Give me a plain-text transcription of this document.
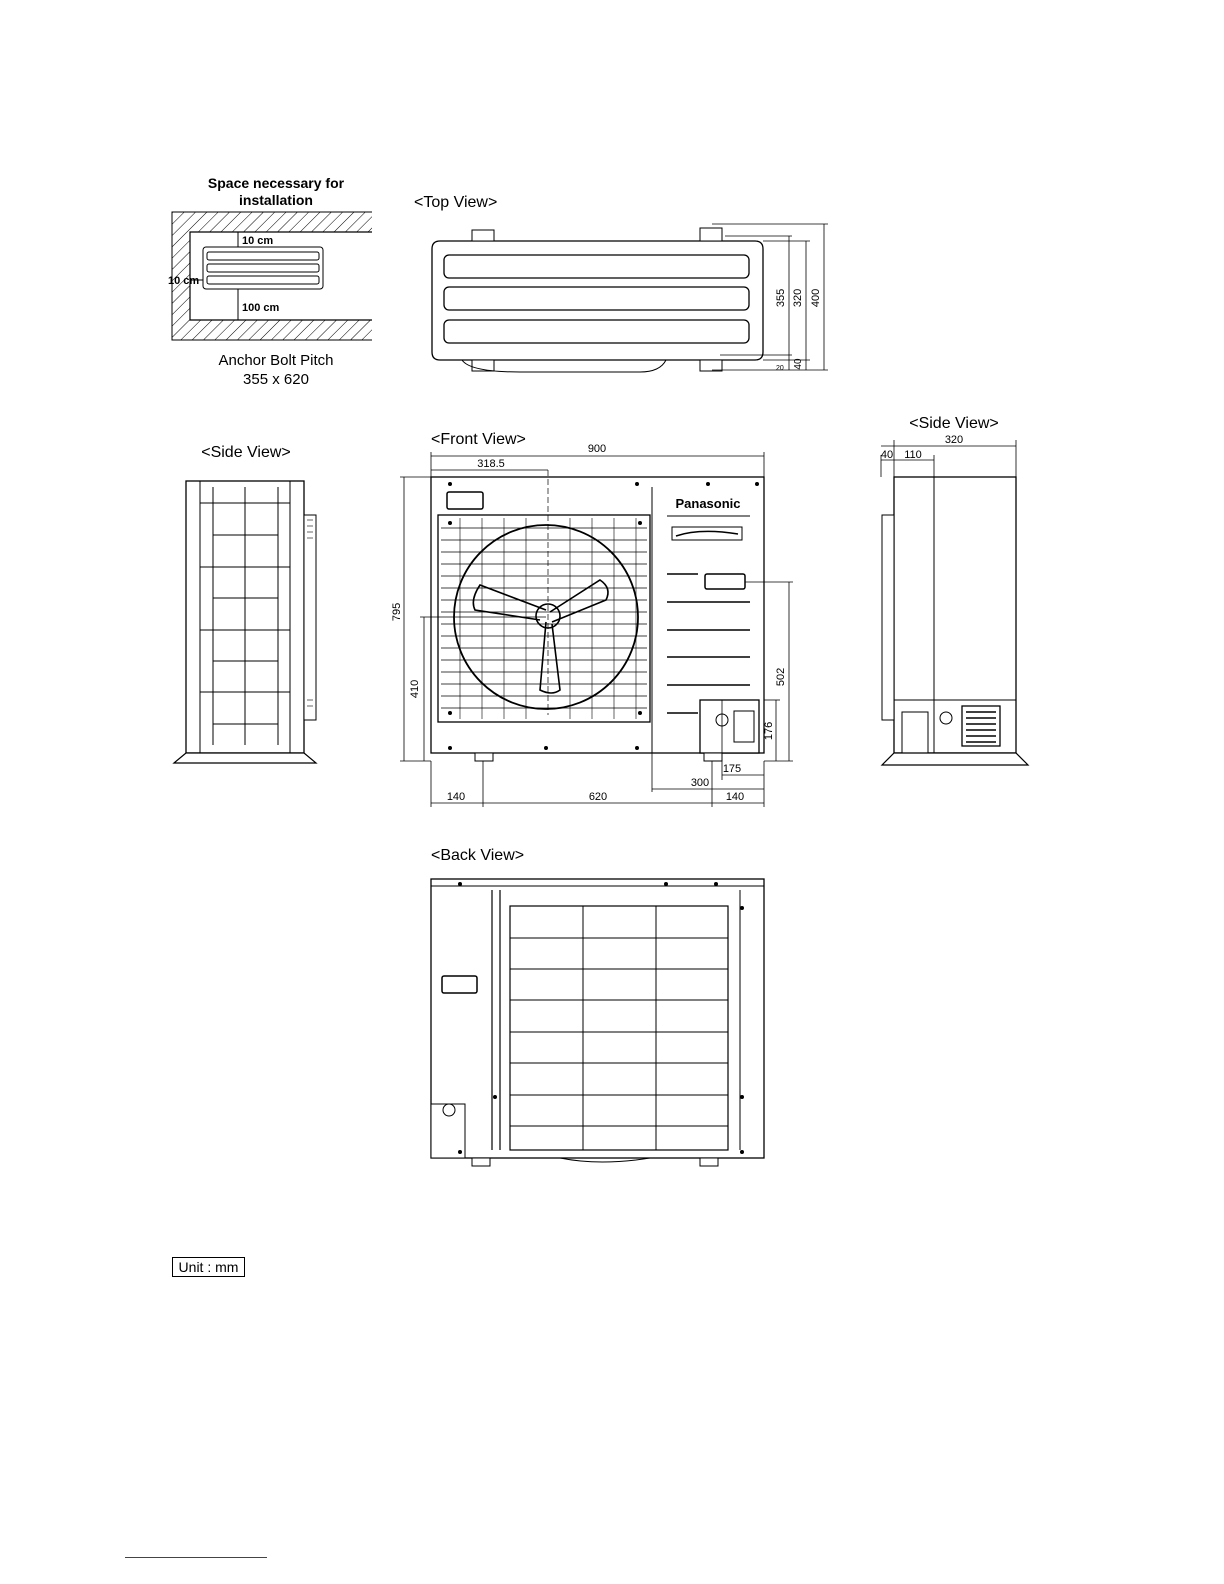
Space necessary for
installation
10 cm
10 cm
100 cm
Anchor Bolt Pitch
355 x 620
<Top View>
355 320 400
40
20
<Side View>
<Front View>
Panasonic
900
318.5
795
410
502
176
175
300
140	620	140
<Side View>
320
40 110
<Back View>
Unit : mm
